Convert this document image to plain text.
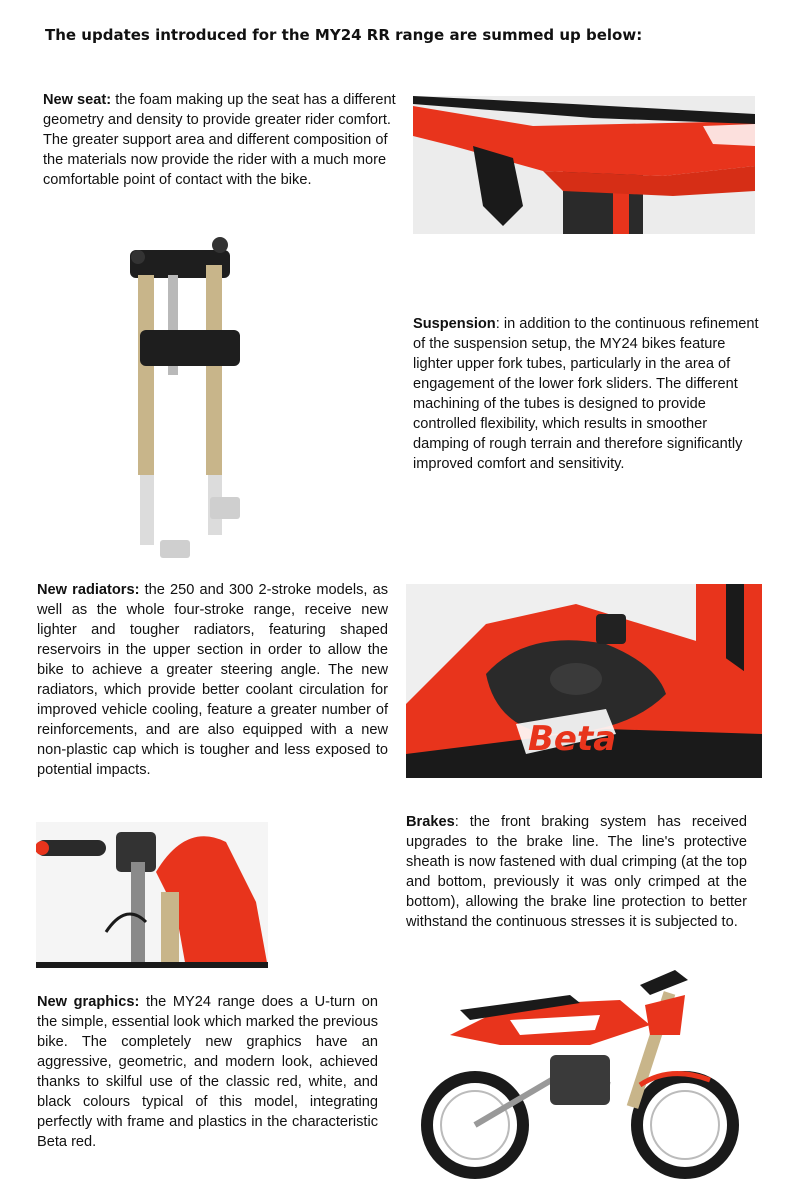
The updates introduced for the MY24 RR range are summed up below:

New seat: the foam making up the seat has a different geometry and density to provide greater rider comfort. The greater support area and different composition of the materials now provide the rider with a much more comfortable point of contact with the bike.

Suspension: in addition to the continuous refinement of the suspension setup, the MY24 bikes feature lighter upper fork tubes, particularly in the area of engagement of the lower fork sliders. The different machining of the tubes is designed to provide controlled flexibility, which results in smoother damping of rough terrain and therefore significantly improved comfort and sensitivity.

New radiators: the 250 and 300 2-stroke models, as well as the whole four-stroke range, receive new lighter and tougher radiators, featuring shaped reservoirs in the upper section in order to allow the bike to achieve a greater steering angle. The new radiators, which provide better coolant circulation for improved vehicle cooling, feature a greater number of reinforcements, and are also equipped with a new non-plastic cap which is tougher and less exposed to potential impacts.

Beta

Brakes: the front braking system has received upgrades to the brake line. The line's protective sheath is now fastened with dual crimping (at the top and bottom, previously it was only crimped at the bottom), allowing the brake line protection to better withstand the continuous stresses it is subjected to.

New graphics: the MY24 range does a U-turn on the simple, essential look which marked the previous bike. The completely new graphics have an aggressive, geometric, and modern look, achieved thanks to skilful use of the classic red, white, and black colours typical of this model, integrating perfectly with frame and plastics in the characteristic Beta red.
